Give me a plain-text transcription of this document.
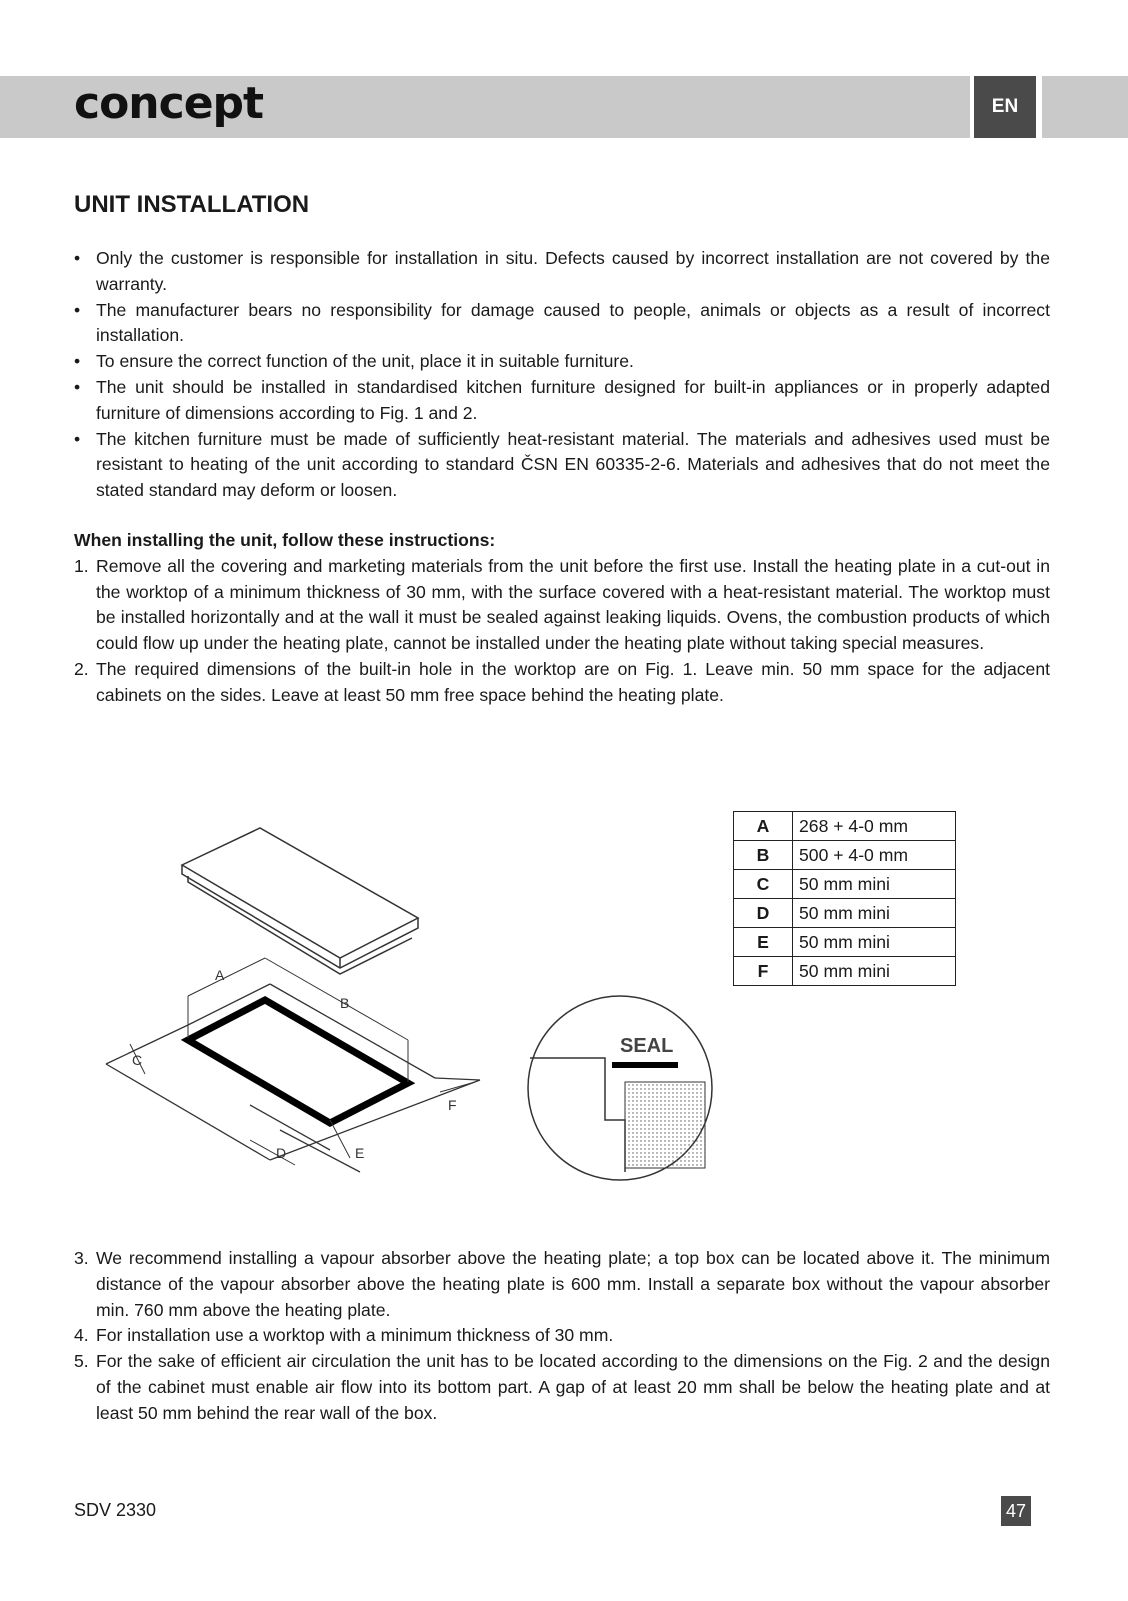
concept	EN
UNIT INSTALLATION
• Only the customer is responsible for installation in situ. Defects caused by incorrect installation are not covered by the warranty.
• The manufacturer bears no responsibility for damage caused to people, animals or objects as a result of incorrect installation.
• To ensure the correct function of the unit, place it in suitable furniture.
• The unit should be installed in standardised kitchen furniture designed for built-in appliances or in properly adapted furniture of dimensions according to Fig. 1 and 2.
• The kitchen furniture must be made of sufficiently heat-resistant material. The materials and adhesives used must be resistant to heating of the unit according to standard ČSN EN 60335-2-6. Materials and adhesives that do not meet the stated standard may deform or loosen.
When installing the unit, follow these instructions:
1. Remove all the covering and marketing materials from the unit before the first use. Install the heating plate in a cut-out in the worktop of a minimum thickness of 30 mm, with the surface covered with a heat-resistant material. The worktop must be installed horizontally and at the wall it must be sealed against leaking liquids. Ovens, the combustion products of which could flow up under the heating plate, cannot be installed under the heating plate without taking special measures.
2. The required dimensions of the built-in hole in the worktop are on Fig. 1. Leave min. 50 mm space for the adjacent cabinets on the sides. Leave at least 50 mm free space behind the heating plate.
A
B
C
D	E
F
SEAL
A	268 + 4-0 mm
B	500 + 4-0 mm
C	50 mm mini
D	50 mm mini
E	50 mm mini
F	50 mm mini
3. We recommend installing a vapour absorber above the heating plate; a top box can be located above it. The minimum distance of the vapour absorber above the heating plate is 600 mm. Install a separate box without the vapour absorber min. 760 mm above the heating plate.
4. For installation use a worktop with a minimum thickness of 30 mm.
5. For the sake of efficient air circulation the unit has to be located according to the dimensions on the Fig. 2 and the design of the cabinet must enable air flow into its bottom part. A gap of at least 20 mm shall be below the heating plate and at least 50 mm behind the rear wall of the box.
SDV 2330	47
